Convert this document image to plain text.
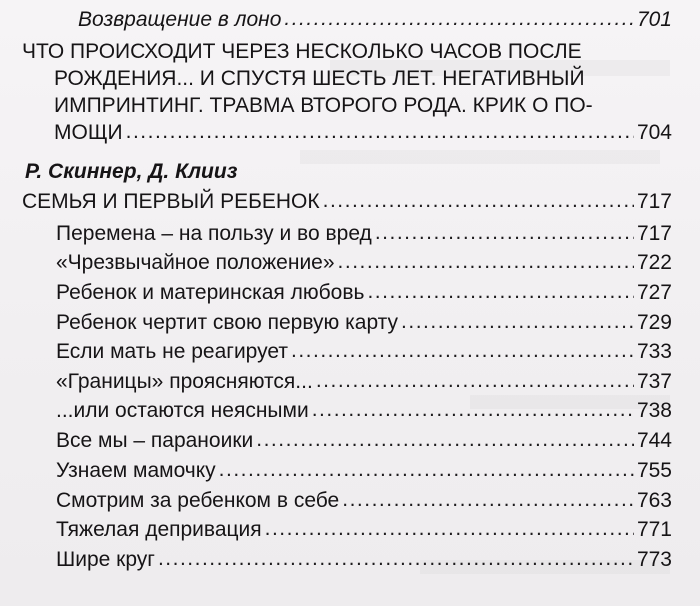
Возвращение в лоно .....	701
ЧТО ПРОИСХОДИТ ЧЕРЕЗ НЕСКОЛЬКО ЧАСОВ ПОСЛЕ
РОЖДЕНИЯ... И СПУСТЯ ШЕСТЬ ЛЕТ. НЕГАТИВНЫЙ
ИМПРИНТИНГ. ТРАВМА ВТОРОГО РОДА. КРИК О ПО-
МОЩИ .....	704
Р. Скиннер, Д. Клииз
СЕМЬЯ И ПЕРВЫЙ РЕБЕНОК .....	717
Перемена – на пользу и во вред .....	717
«Чрезвычайное положение» .....	722
Ребенок и материнская любовь .....	727
Ребенок чертит свою первую карту .....	729
Если мать не реагирует .....	733
«Границы» проясняются... .....	737
...или остаются неясными .....	738
Все мы – параноики .....	744
Узнаем мамочку .....	755
Смотрим за ребенком в себе .....	763
Тяжелая депривация .....	771
Шире круг .....	773
